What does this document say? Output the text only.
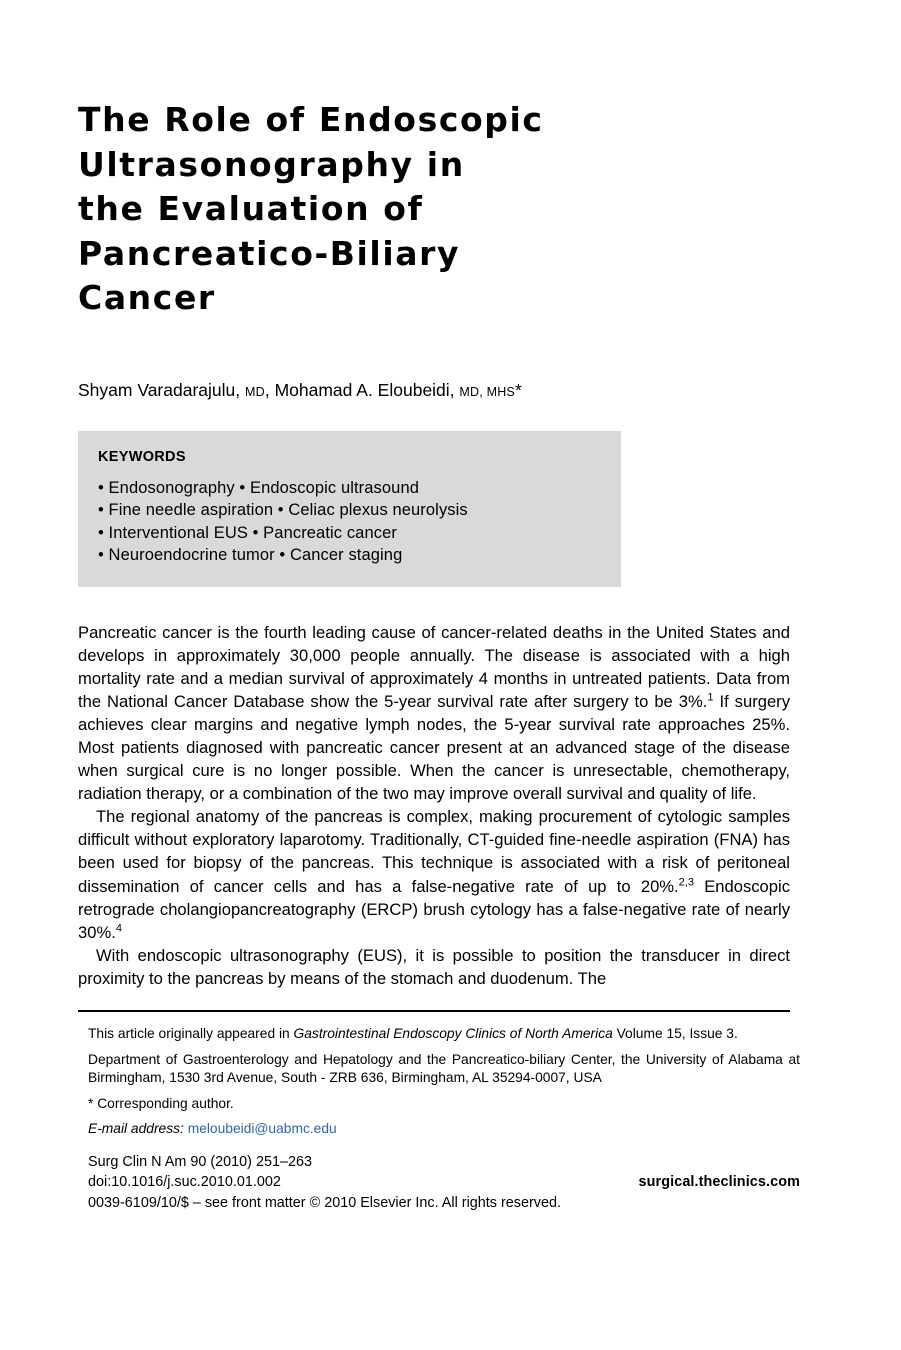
The Role of Endoscopic
Ultrasonography in
the Evaluation of
Pancreatico-Biliary
Cancer
Shyam Varadarajulu, MD, Mohamad A. Eloubeidi, MD, MHS*
KEYWORDS
• Endosonography • Endoscopic ultrasound
• Fine needle aspiration • Celiac plexus neurolysis
• Interventional EUS • Pancreatic cancer
• Neuroendocrine tumor • Cancer staging

Pancreatic cancer is the fourth leading cause of cancer-related deaths in the United States and develops in approximately 30,000 people annually. The disease is associated with a high mortality rate and a median survival of approximately 4 months in untreated patients. Data from the National Cancer Database show the 5-year survival rate after surgery to be 3%.$^1$ If surgery achieves clear margins and negative lymph nodes, the 5-year survival rate approaches 25%. Most patients diagnosed with pancreatic cancer present at an advanced stage of the disease when surgical cure is no longer possible. When the cancer is unresectable, chemotherapy, radiation therapy, or a combination of the two may improve overall survival and quality of life.

The regional anatomy of the pancreas is complex, making procurement of cytologic samples difficult without exploratory laparotomy. Traditionally, CT-guided fine-needle aspiration (FNA) has been used for biopsy of the pancreas. This technique is associated with a risk of peritoneal dissemination of cancer cells and has a false-negative rate of up to 20%.$^{2,3}$ Endoscopic retrograde cholangiopancreatography (ERCP) brush cytology has a false-negative rate of nearly 30%.$^4$

With endoscopic ultrasonography (EUS), it is possible to position the transducer in direct proximity to the pancreas by means of the stomach and duodenum. The

This article originally appeared in Gastrointestinal Endoscopy Clinics of North America Volume 15, Issue 3.

Department of Gastroenterology and Hepatology and the Pancreatico-biliary Center, the University of Alabama at Birmingham, 1530 3rd Avenue, South - ZRB 636, Birmingham, AL 35294-0007, USA

* Corresponding author.

E-mail address: meloubeidi@uabmc.edu

Surg Clin N Am 90 (2010) 251–263
doi:10.1016/j.suc.2010.01.002	surgical.theclinics.com
0039-6109/10/$ – see front matter © 2010 Elsevier Inc. All rights reserved.
